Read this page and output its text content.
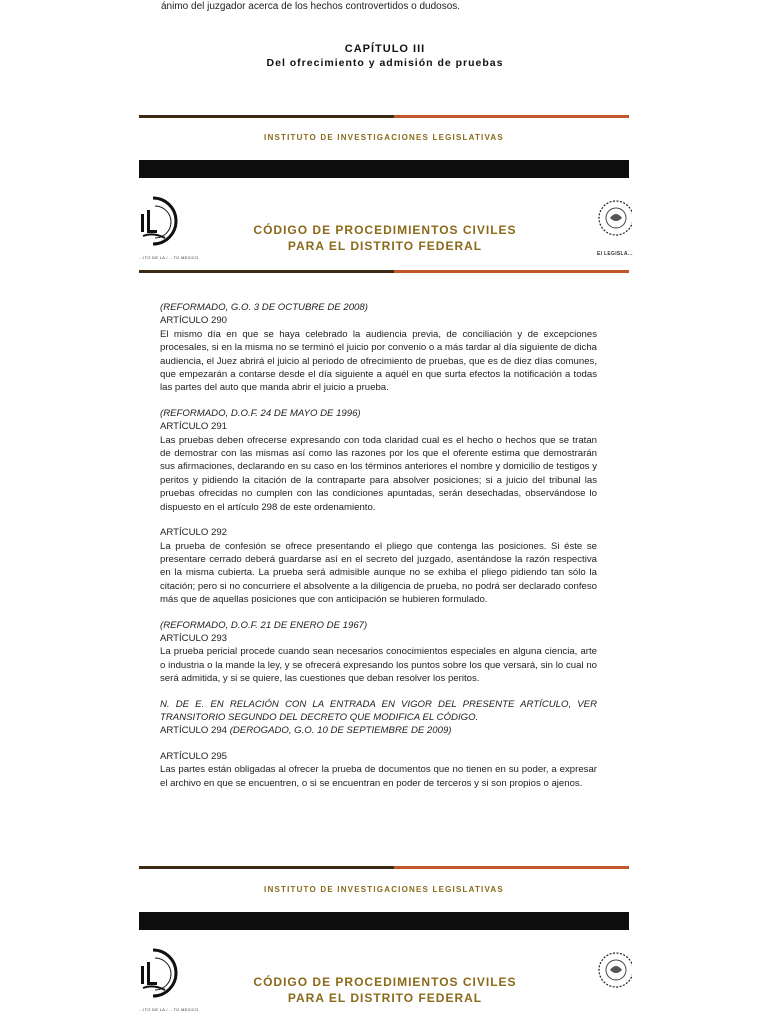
ánimo del juzgador acerca de los hechos controvertidos o dudosos.
CAPÍTULO III
Del ofrecimiento y admisión de pruebas
INSTITUTO DE INVESTIGACIONES LEGISLATIVAS
...ITO DE LA / ...TO MEXICO
CÓDIGO DE PROCEDIMIENTOS CIVILES
PARA EL DISTRITO FEDERAL
EI LEGISLA...

(REFORMADO, G.O. 3 DE OCTUBRE DE 2008)

ARTÍCULO 290

El mismo día en que se haya celebrado la audiencia previa, de conciliación y de excepciones procesales, si en la misma no se terminó el juicio por convenio o a más tardar al día siguiente de dicha audiencia, el Juez abrirá el juicio al periodo de ofrecimiento de pruebas, que es de diez días comunes, que empezarán a contarse desde el día siguiente a aquél en que surta efectos la notificación a todas las partes del auto que manda abrir el juicio a prueba.

(REFORMADO, D.O.F. 24 DE MAYO DE 1996)

ARTÍCULO 291

Las pruebas deben ofrecerse expresando con toda claridad cual es el hecho o hechos que se tratan de demostrar con las mismas así como las razones por los que el oferente estima que demostrarán sus afirmaciones, declarando en su caso en los términos anteriores el nombre y domicilio de testigos y peritos y pidiendo la citación de la contraparte para absolver posiciones; si a juicio del tribunal las pruebas ofrecidas no cumplen con las condiciones apuntadas, serán desechadas, observándose lo dispuesto en el artículo 298 de este ordenamiento.

ARTÍCULO 292

La prueba de confesión se ofrece presentando el pliego que contenga las posiciones. Si éste se presentare cerrado deberá guardarse así en el secreto del juzgado, asentándose la razón respectiva en la misma cubierta. La prueba será admisible aunque no se exhiba el pliego pidiendo tan sólo la citación; pero si no concurriere el absolvente a la diligencia de prueba, no podrá ser declarado confeso más que de aquellas posiciones que con anticipación se hubieren formulado.

(REFORMADO, D.O.F. 21 DE ENERO DE 1967)

ARTÍCULO 293

La prueba pericial procede cuando sean necesarios conocimientos especiales en alguna ciencia, arte o industria o la mande la ley, y se ofrecerá expresando los puntos sobre los que versará, sin lo cual no será admitida, y si se quiere, las cuestiones que deban resolver los peritos.

N. DE E. EN RELACIÓN CON LA ENTRADA EN VIGOR DEL PRESENTE ARTÍCULO, VER TRANSITORIO SEGUNDO DEL DECRETO QUE MODIFICA EL CÓDIGO.

ARTÍCULO 294 (DEROGADO, G.O. 10 DE SEPTIEMBRE DE 2009)

ARTÍCULO 295

Las partes están obligadas al ofrecer la prueba de documentos que no tienen en su poder, a expresar el archivo en que se encuentren, o si se encuentran en poder de terceros y si son propios o ajenos.

INSTITUTO DE INVESTIGACIONES LEGISLATIVAS
...ITO DE LA / ...TO MEXICO
CÓDIGO DE PROCEDIMIENTOS CIVILES
PARA EL DISTRITO FEDERAL
